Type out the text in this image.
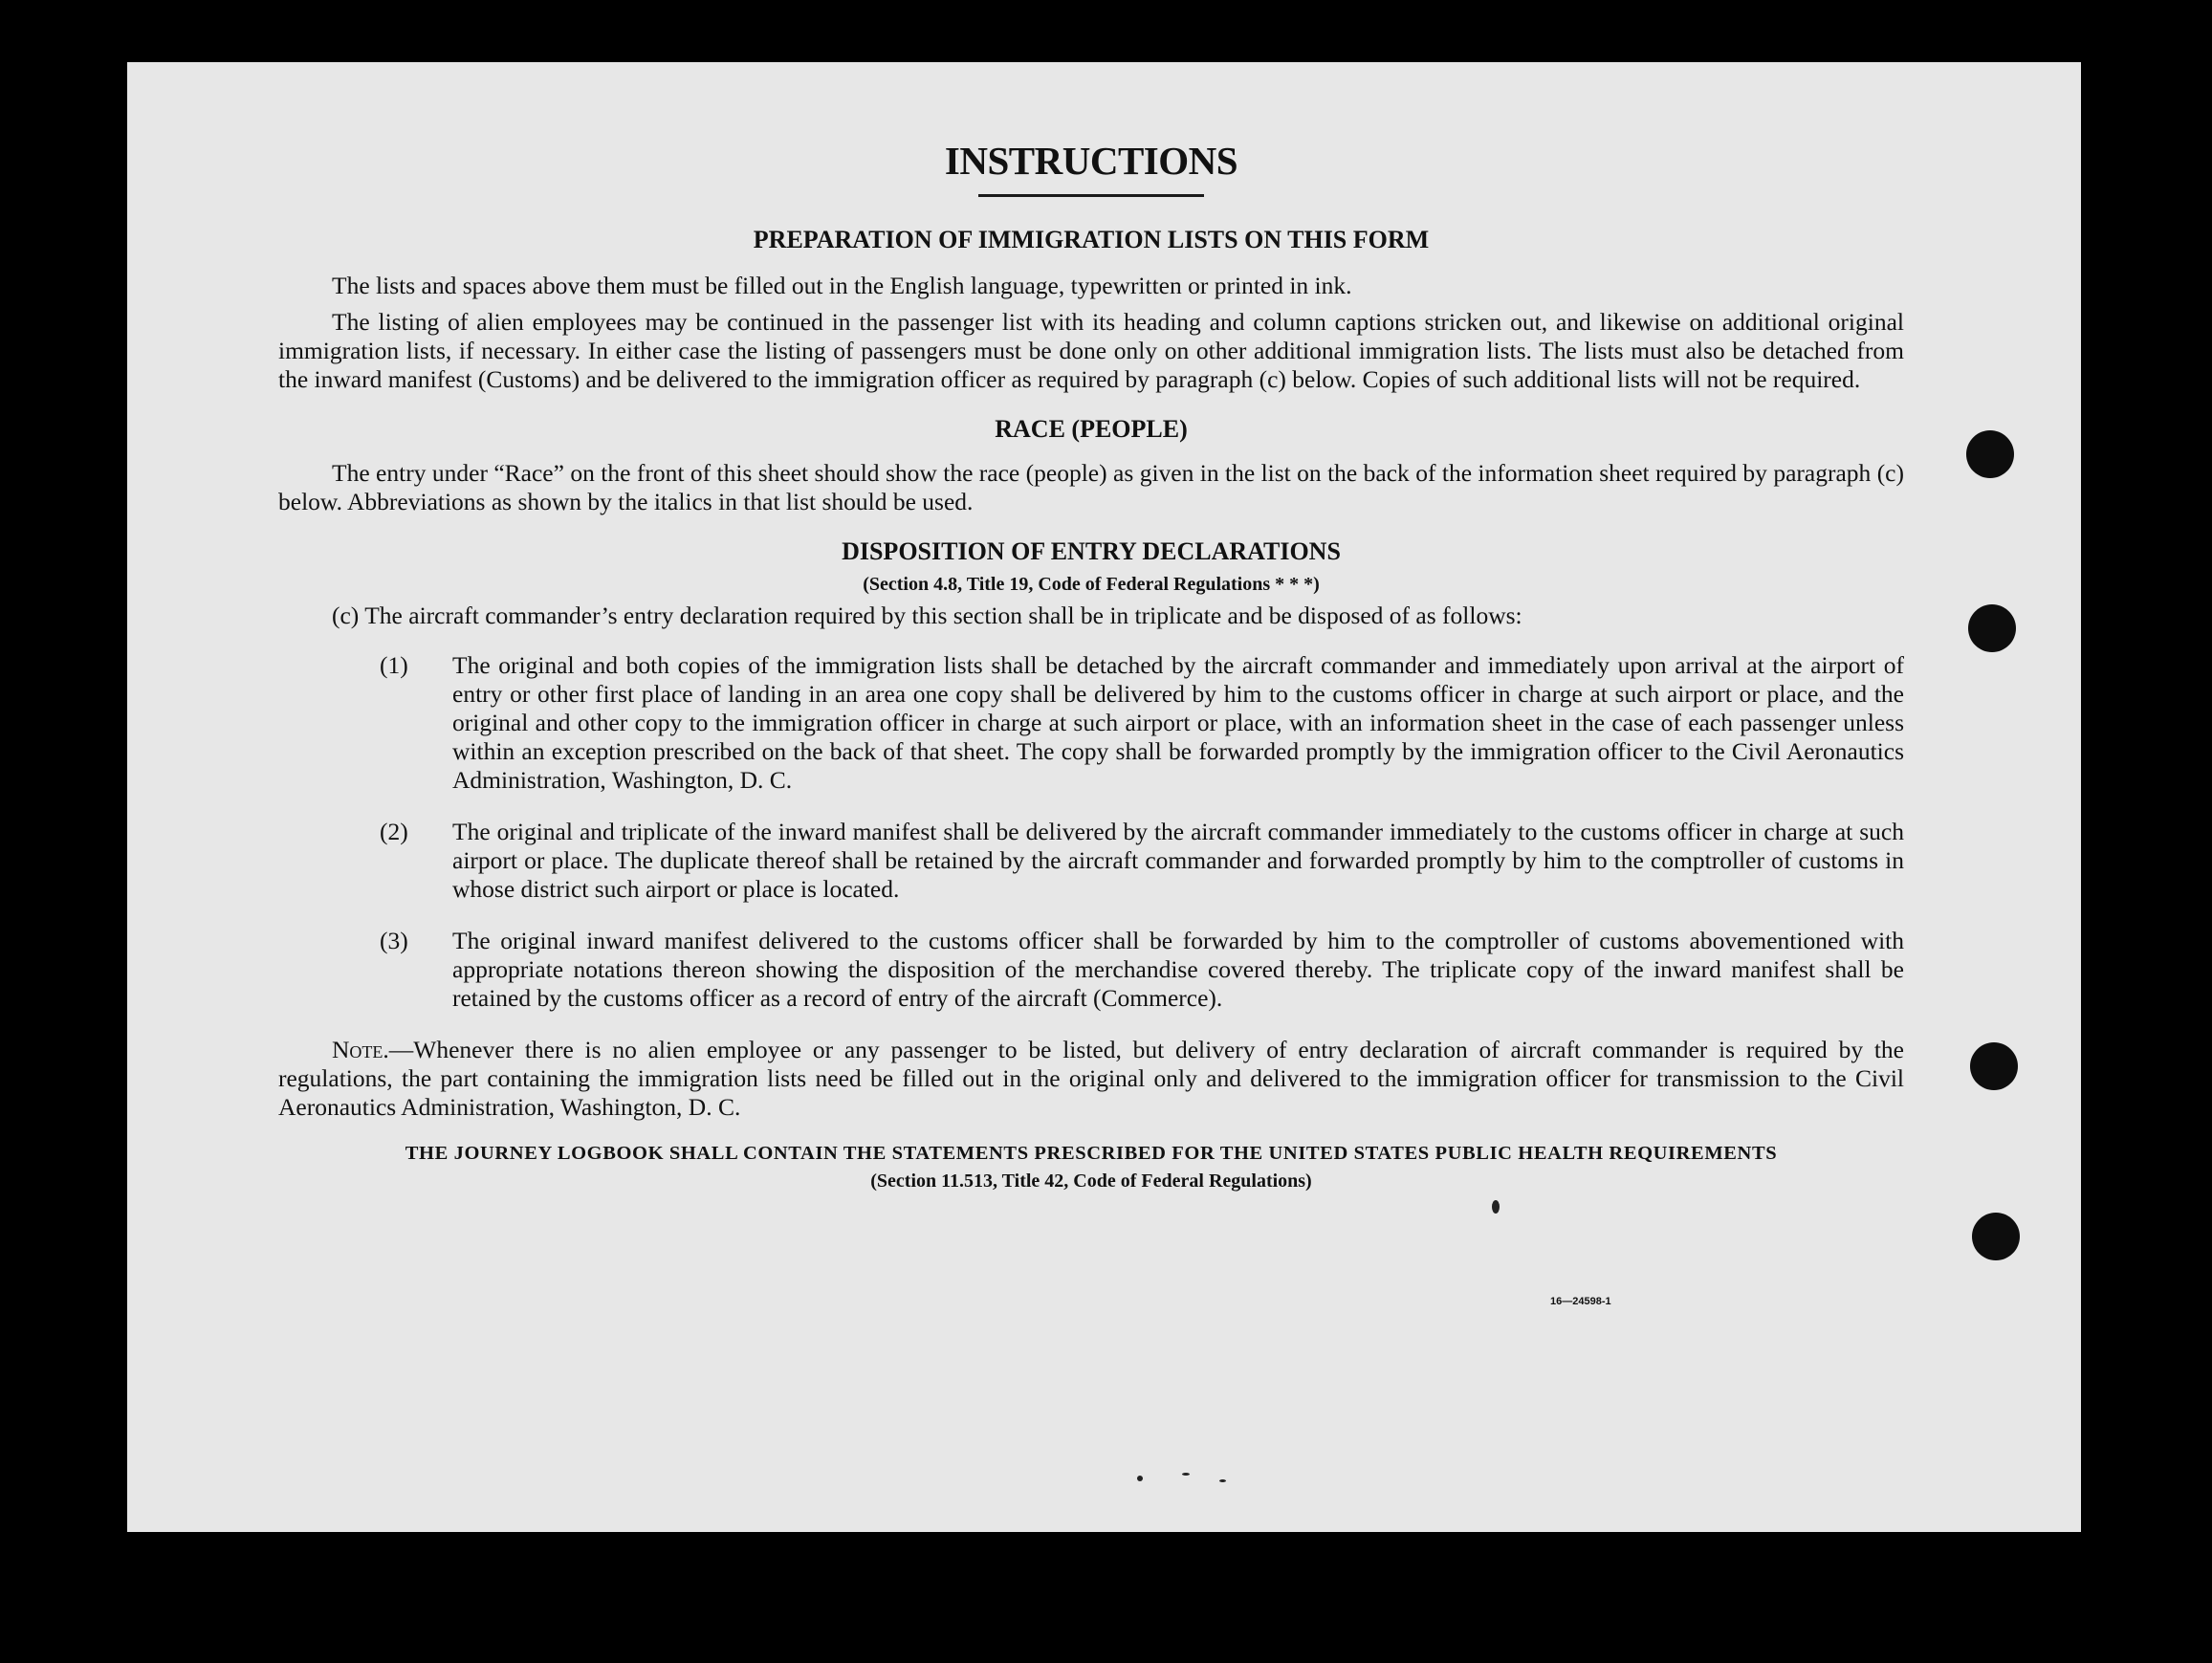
INSTRUCTIONS
PREPARATION OF IMMIGRATION LISTS ON THIS FORM

The lists and spaces above them must be filled out in the English language, typewritten or printed in ink.

The listing of alien employees may be continued in the passenger list with its heading and column captions stricken out, and likewise on additional original immigration lists, if necessary. In either case the listing of passengers must be done only on other additional immigration lists. The lists must also be detached from the inward manifest (Customs) and be delivered to the immigration officer as required by paragraph (c) below. Copies of such additional lists will not be required.

RACE (PEOPLE)

The entry under “Race” on the front of this sheet should show the race (people) as given in the list on the back of the information sheet required by paragraph (c) below. Abbreviations as shown by the italics in that list should be used.

DISPOSITION OF ENTRY DECLARATIONS

(Section 4.8, Title 19, Code of Federal Regulations * * *)

(c) The aircraft commander’s entry declaration required by this section shall be in triplicate and be disposed of as follows:

(1) The original and both copies of the immigration lists shall be detached by the aircraft commander and immediately upon arrival at the airport of entry or other first place of landing in an area one copy shall be delivered by him to the customs officer in charge at such airport or place, and the original and other copy to the immigration officer in charge at such airport or place, with an information sheet in the case of each passenger unless within an exception prescribed on the back of that sheet. The copy shall be forwarded promptly by the immigration officer to the Civil Aeronautics Administration, Washington, D. C.
(2) The original and triplicate of the inward manifest shall be delivered by the aircraft commander immediately to the customs officer in charge at such airport or place. The duplicate thereof shall be retained by the aircraft commander and forwarded promptly by him to the comptroller of customs in whose district such airport or place is located.
(3) The original inward manifest delivered to the customs officer shall be forwarded by him to the comptroller of customs abovementioned with appropriate notations thereon showing the disposition of the merchandise covered thereby. The triplicate copy of the inward manifest shall be retained by the customs officer as a record of entry of the aircraft (Commerce).

Note.—Whenever there is no alien employee or any passenger to be listed, but delivery of entry declaration of aircraft commander is required by the regulations, the part containing the immigration lists need be filled out in the original only and delivered to the immigration officer for transmission to the Civil Aeronautics Administration, Washington, D. C.

THE JOURNEY LOGBOOK SHALL CONTAIN THE STATEMENTS PRESCRIBED FOR THE UNITED STATES PUBLIC HEALTH REQUIREMENTS
(Section 11.513, Title 42, Code of Federal Regulations)
16—24598-1
